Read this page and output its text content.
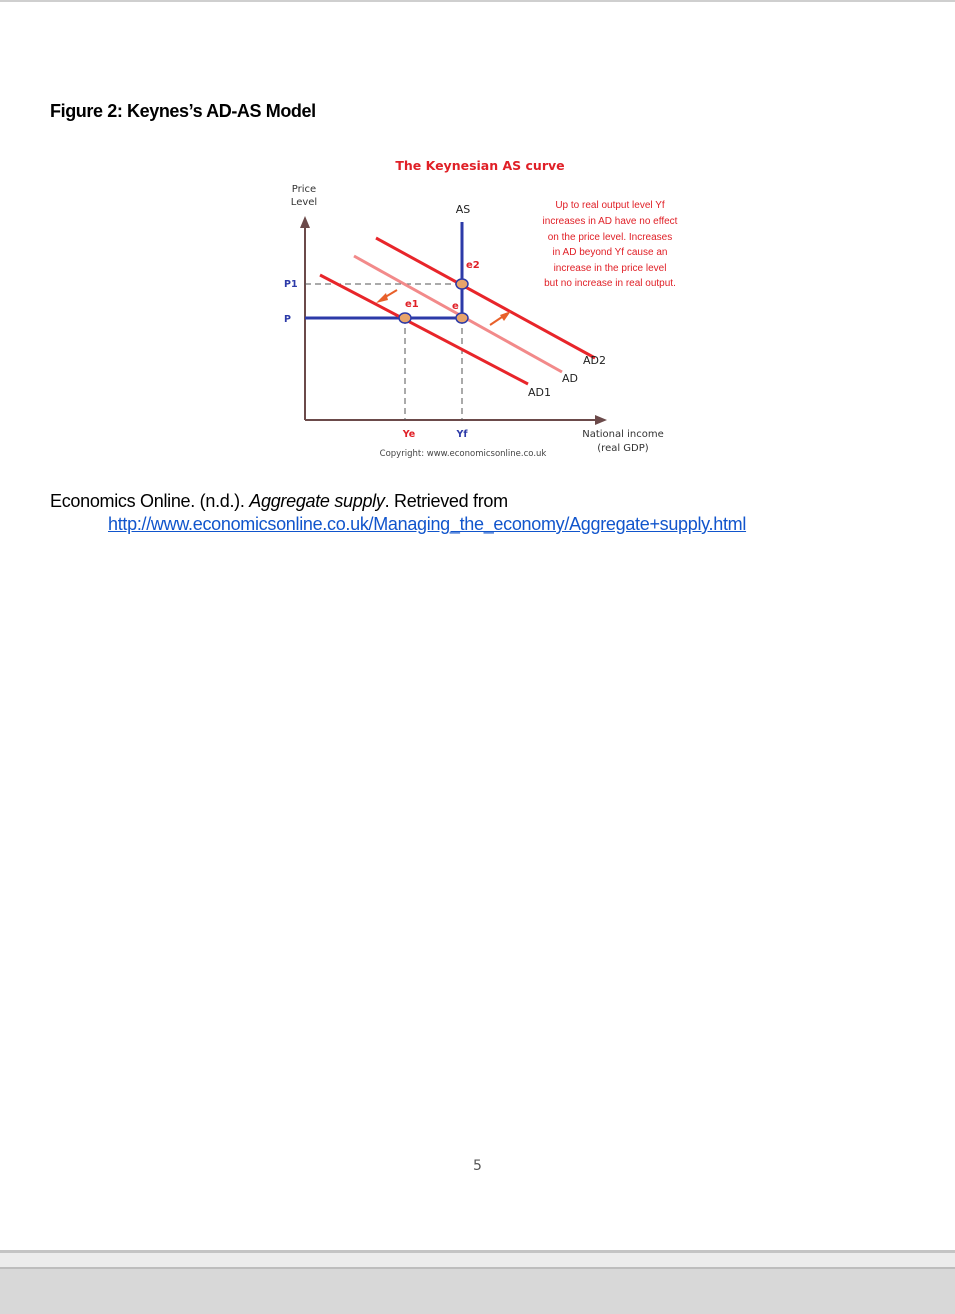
Figure 2: Keynes’s AD-AS Model
The Keynesian AS curve
Price
Level
e1	e
e2
P1
P
Ye	Yf
AS
AD2
AD
AD1
Up to real output level Yf
increases in AD have no effect
on the price level. Increases
in AD beyond Yf cause an
increase in the price level
but no increase in real output.
National income
(real GDP)
Copyright: www.economicsonline.co.uk
Economics Online. (n.d.). Aggregate supply. Retrieved from
http://www.economicsonline.co.uk/Managing_the_economy/Aggregate+supply.html
5
